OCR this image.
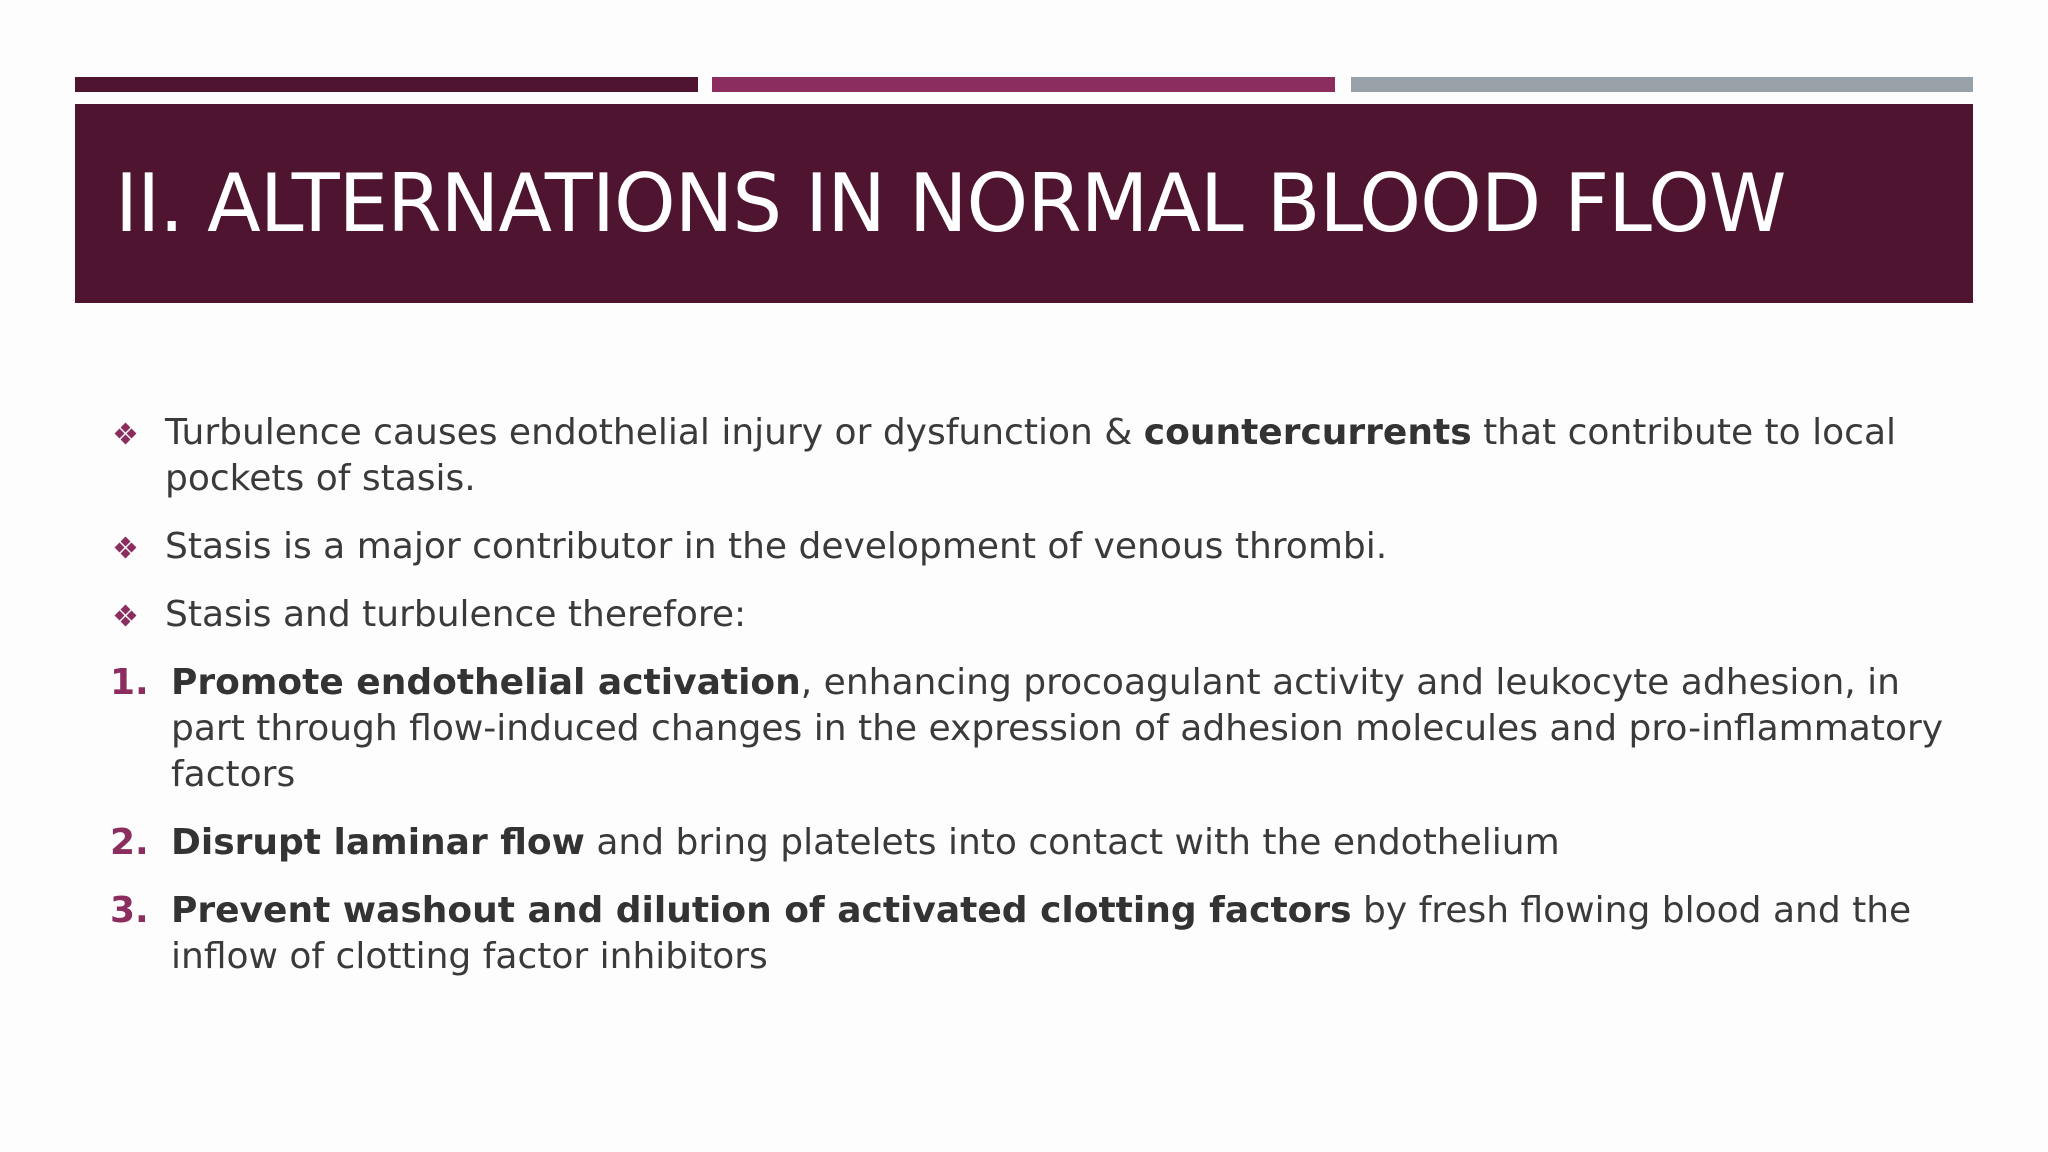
II. ALTERNATIONS IN NORMAL BLOOD FLOW
Turbulence causes endothelial injury or dysfunction & countercurrents that contribute to local pockets of stasis.
Stasis is a major contributor in the development of venous thrombi.
Stasis and turbulence therefore:
1. Promote endothelial activation, enhancing procoagulant activity and leukocyte adhesion, in part through flow-induced changes in the expression of adhesion molecules and pro-inflammatory factors
2. Disrupt laminar flow and bring platelets into contact with the endothelium
3. Prevent washout and dilution of activated clotting factors by fresh flowing blood and the inflow of clotting factor inhibitors
